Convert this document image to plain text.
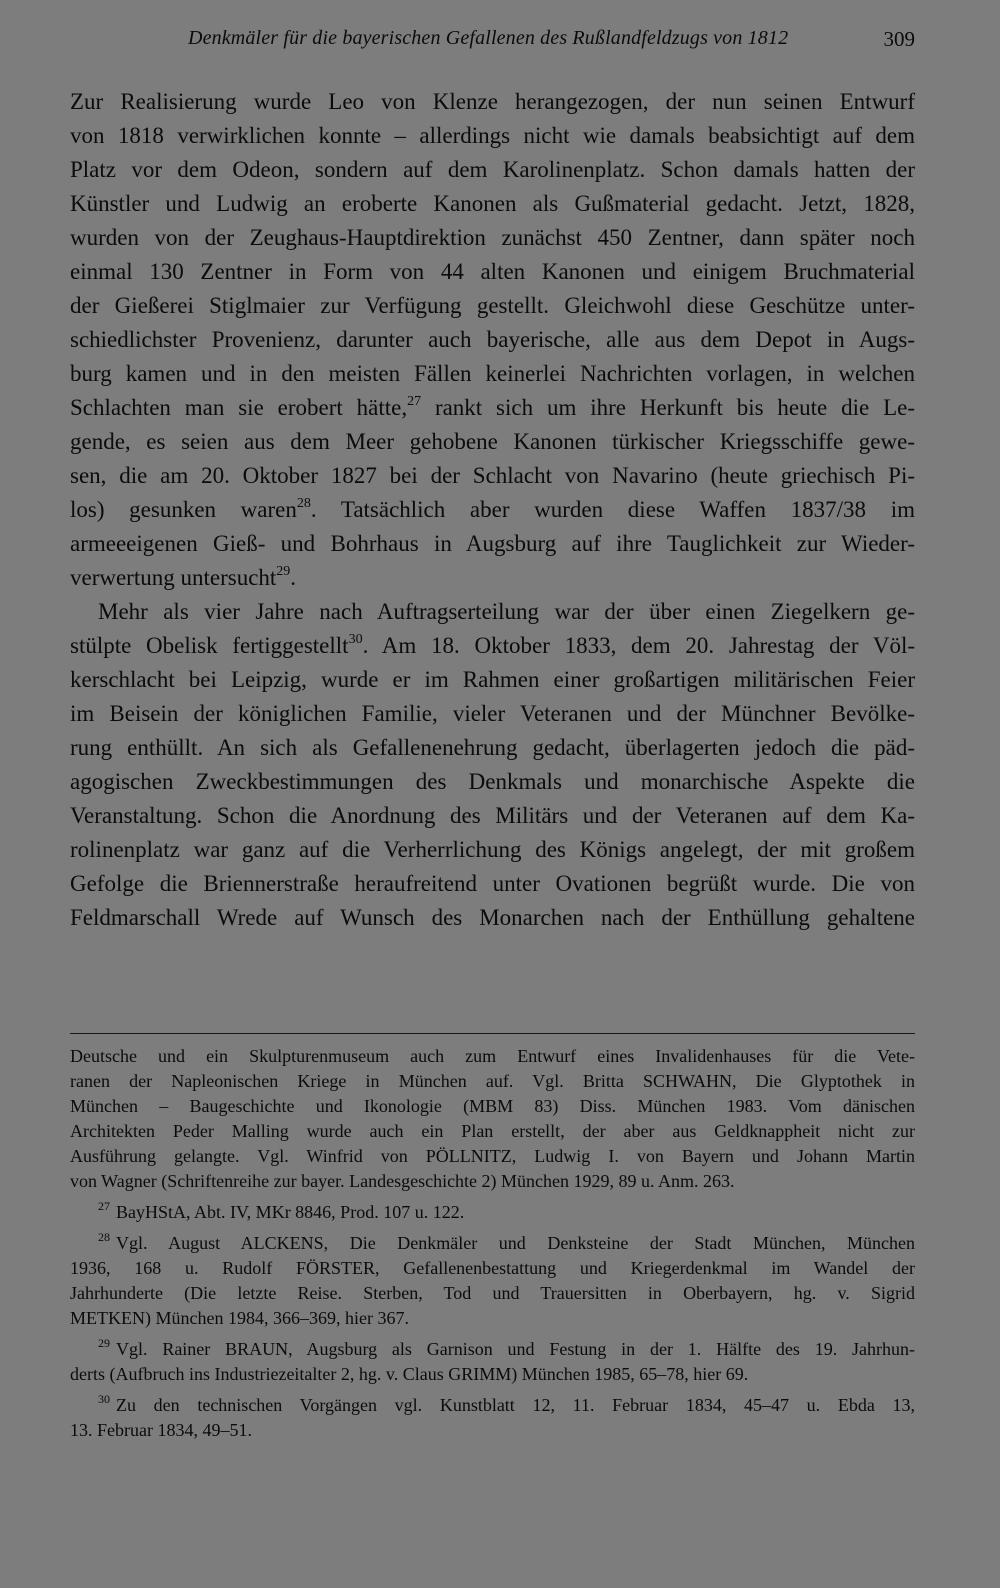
Denkmäler für die bayerischen Gefallenen des Rußlandfeldzugs von 1812	309

Zur Realisierung wurde Leo von Klenze herangezogen, der nun seinen Entwurf

von 1818 verwirklichen konnte – allerdings nicht wie damals beabsichtigt auf dem

Platz vor dem Odeon, sondern auf dem Karolinenplatz. Schon damals hatten der

Künstler und Ludwig an eroberte Kanonen als Gußmaterial gedacht. Jetzt, 1828,

wurden von der Zeughaus-Hauptdirektion zunächst 450 Zentner, dann später noch

einmal 130 Zentner in Form von 44 alten Kanonen und einigem Bruchmaterial

der Gießerei Stiglmaier zur Verfügung gestellt. Gleichwohl diese Geschütze unter-

schiedlichster Provenienz, darunter auch bayerische, alle aus dem Depot in Augs-

burg kamen und in den meisten Fällen keinerlei Nachrichten vorlagen, in welchen

Schlachten man sie erobert hätte,$^{27}$ rankt sich um ihre Herkunft bis heute die Le-

gende, es seien aus dem Meer gehobene Kanonen türkischer Kriegsschiffe gewe-

sen, die am 20. Oktober 1827 bei der Schlacht von Navarino (heute griechisch Pi-

los) gesunken waren$^{28}$. Tatsächlich aber wurden diese Waffen 1837/38 im

armeeeigenen Gieß- und Bohrhaus in Augsburg auf ihre Tauglichkeit zur Wieder-

verwertung untersucht$^{29}$.

Mehr als vier Jahre nach Auftragserteilung war der über einen Ziegelkern ge-

stülpte Obelisk fertiggestellt$^{30}$. Am 18. Oktober 1833, dem 20. Jahrestag der Völ-

kerschlacht bei Leipzig, wurde er im Rahmen einer großartigen militärischen Feier

im Beisein der königlichen Familie, vieler Veteranen und der Münchner Bevölke-

rung enthüllt. An sich als Gefallenenehrung gedacht, überlagerten jedoch die päd-

agogischen Zweckbestimmungen des Denkmals und monarchische Aspekte die

Veranstaltung. Schon die Anordnung des Militärs und der Veteranen auf dem Ka-

rolinenplatz war ganz auf die Verherrlichung des Königs angelegt, der mit großem

Gefolge die Briennerstraße heraufreitend unter Ovationen begrüßt wurde. Die von

Feldmarschall Wrede auf Wunsch des Monarchen nach der Enthüllung gehaltene

Deutsche und ein Skulpturenmuseum auch zum Entwurf eines Invalidenhauses für die Vete-

ranen der Napleonischen Kriege in München auf. Vgl. Britta SCHWAHN, Die Glyptothek in

München – Baugeschichte und Ikonologie (MBM 83) Diss. München 1983. Vom dänischen

Architekten Peder Malling wurde auch ein Plan erstellt, der aber aus Geldknappheit nicht zur

Ausführung gelangte. Vgl. Winfrid von PÖLLNITZ, Ludwig I. von Bayern und Johann Martin

von Wagner (Schriftenreihe zur bayer. Landesgeschichte 2) München 1929, 89 u. Anm. 263.

$^{27}$ BayHStA, Abt. IV, MKr 8846, Prod. 107 u. 122.

$^{28}$ Vgl. August ALCKENS, Die Denkmäler und Denksteine der Stadt München, München

1936, 168 u. Rudolf FÖRSTER, Gefallenenbestattung und Kriegerdenkmal im Wandel der

Jahrhunderte (Die letzte Reise. Sterben, Tod und Trauersitten in Oberbayern, hg. v. Sigrid

METKEN) München 1984, 366–369, hier 367.

$^{29}$ Vgl. Rainer BRAUN, Augsburg als Garnison und Festung in der 1. Hälfte des 19. Jahrhun-

derts (Aufbruch ins Industriezeitalter 2, hg. v. Claus GRIMM) München 1985, 65–78, hier 69.

$^{30}$ Zu den technischen Vorgängen vgl. Kunstblatt 12, 11. Februar 1834, 45–47 u. Ebda 13,

13. Februar 1834, 49–51.
